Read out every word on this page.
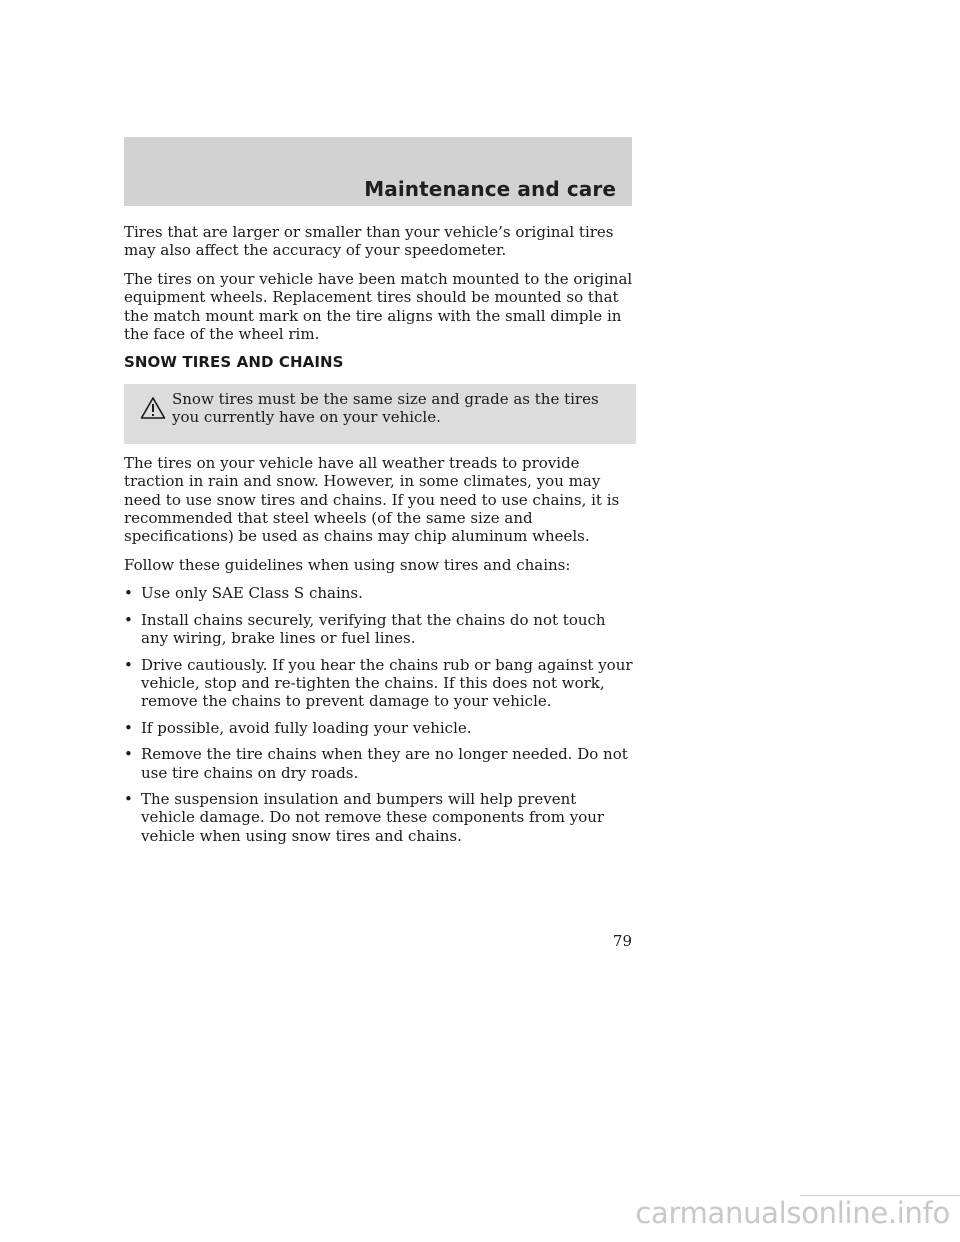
Maintenance and care

Tires that are larger or smaller than your vehicle’s original tires may also affect the accuracy of your speedometer.

The tires on your vehicle have been match mounted to the original equipment wheels. Replacement tires should be mounted so that the match mount mark on the tire aligns with the small dimple in the face of the wheel rim.

SNOW TIRES AND CHAINS
Snow tires must be the same size and grade as the tires you currently have on your vehicle.

The tires on your vehicle have all weather treads to provide traction in rain and snow. However, in some climates, you may need to use snow tires and chains. If you need to use chains, it is recommended that steel wheels (of the same size and specifications) be used as chains may chip aluminum wheels.

Follow these guidelines when using snow tires and chains:

• Use only SAE Class S chains.
• Install chains securely, verifying that the chains do not touch any wiring, brake lines or fuel lines.
• Drive cautiously. If you hear the chains rub or bang against your vehicle, stop and re-tighten the chains. If this does not work, remove the chains to prevent damage to your vehicle.
• If possible, avoid fully loading your vehicle.
• Remove the tire chains when they are no longer needed. Do not use tire chains on dry roads.
• The suspension insulation and bumpers will help prevent vehicle damage. Do not remove these components from your vehicle when using snow tires and chains.
79
carmanualsonline.info
